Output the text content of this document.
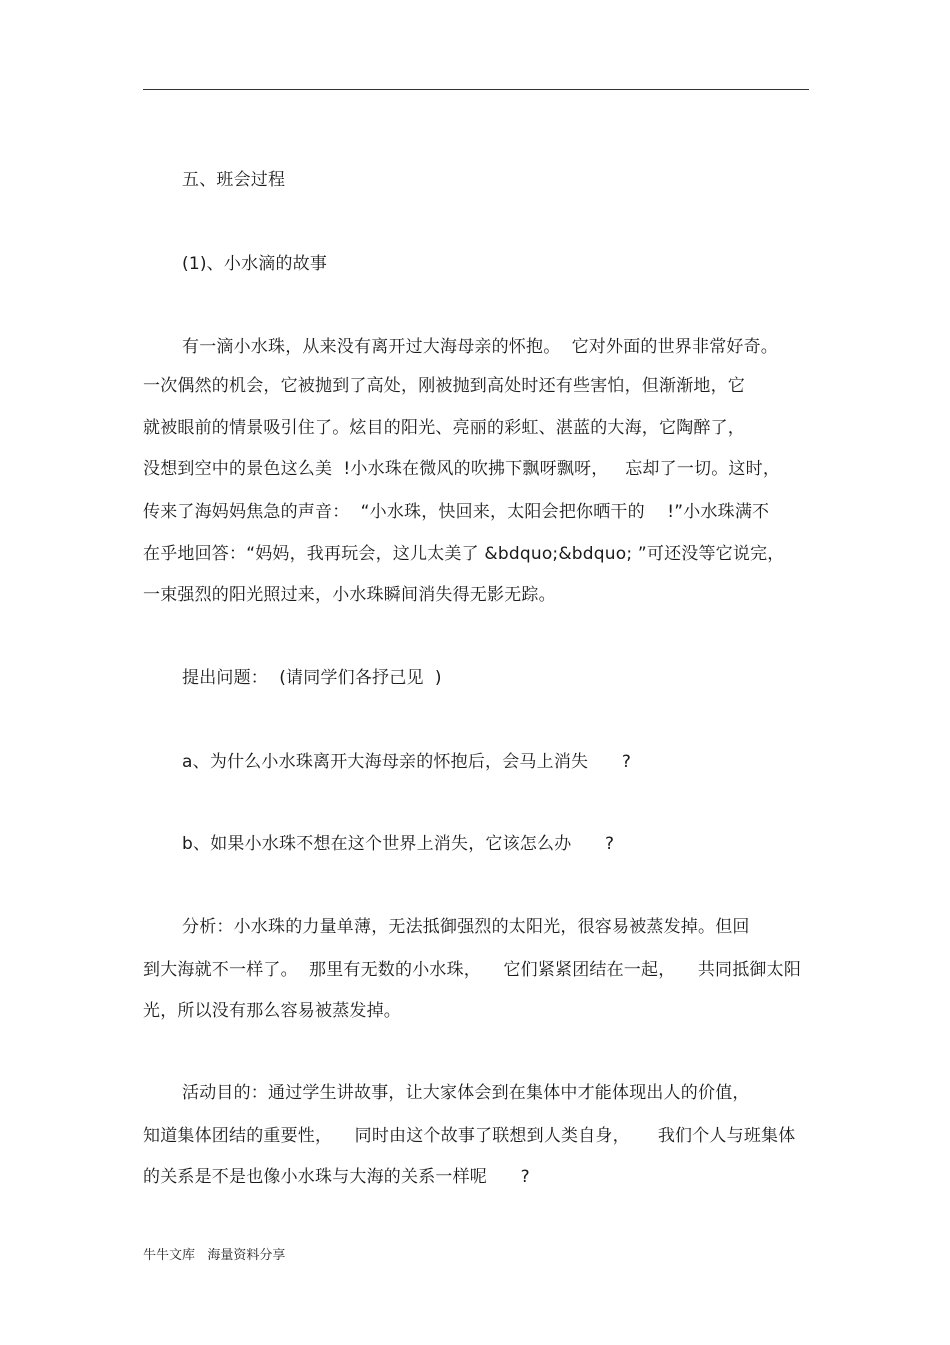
五、班会过程
(1)、小水滴的故事
有一滴小水珠，从来没有离开过大海母亲的怀抱。  它对外面的世界非常好奇。
一次偶然的机会，它被抛到了高处，刚被抛到高处时还有些害怕，但渐渐地，它
就被眼前的情景吸引住了。炫目的阳光、亮丽的彩虹、湛蓝的大海，它陶醉了，
没想到空中的景色这么美  !小水珠在微风的吹拂下飘呀飘呀，   忘却了一切。这时，
传来了海妈妈焦急的声音：  “小水珠，快回来，太阳会把你晒干的    !”小水珠满不
在乎地回答：“妈妈，我再玩会，这儿太美了 &bdquo;&bdquo; ”可还没等它说完，
一束强烈的阳光照过来，小水珠瞬间消失得无影无踪。
提出问题：  (请同学们各抒己见  )
a、为什么小水珠离开大海母亲的怀抱后，会马上消失      ?
b、如果小水珠不想在这个世界上消失，它该怎么办      ?
分析：小水珠的力量单薄，无法抵御强烈的太阳光，很容易被蒸发掉。但回
到大海就不一样了。  那里有无数的小水珠，    它们紧紧团结在一起，    共同抵御太阳
光，所以没有那么容易被蒸发掉。
活动目的：通过学生讲故事，让大家体会到在集体中才能体现出人的价值，
知道集体团结的重要性，    同时由这个故事了联想到人类自身，     我们个人与班集体
的关系是不是也像小水珠与大海的关系一样呢      ?
牛牛文库   海量资料分享
